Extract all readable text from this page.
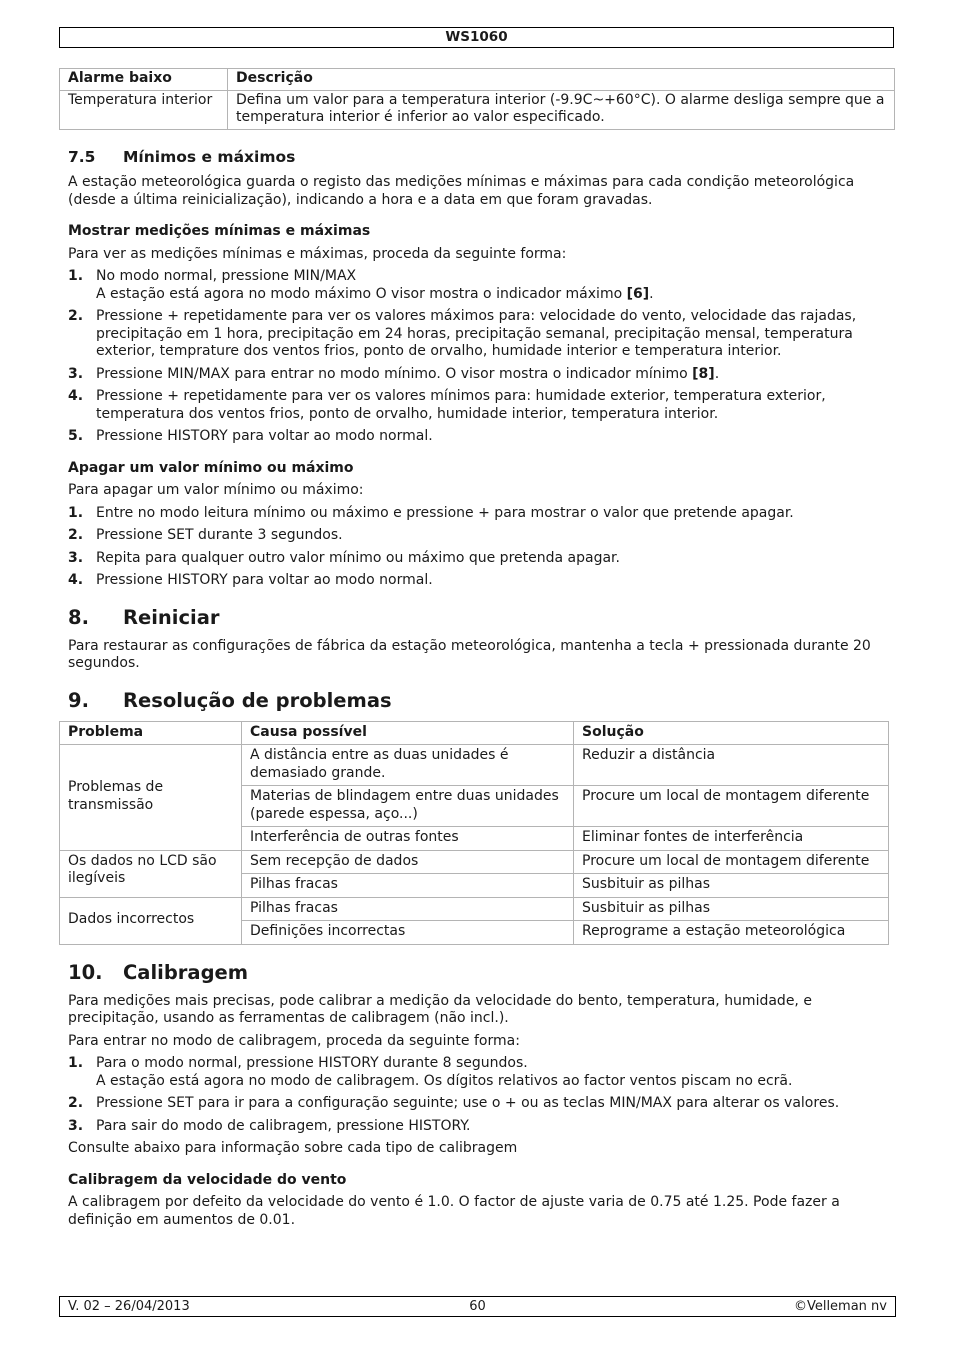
WS1060
Alarme baixo	Descrição
Temperatura interior	Defina um valor para a temperatura interior (-9.9C~+60°C). O alarme desliga sempre que a temperatura interior é inferior ao valor especificado.
7.5 Mínimos e máximos

A estação meteorológica guarda o registo das medições mínimas e máximas para cada condição meteorológica (desde a última reinicialização), indicando a hora e a data em que foram gravadas.

Mostrar medições mínimas e máximas

Para ver as medições mínimas e máximas, proceda da seguinte forma:

1. No modo normal, pressione MIN/MAX
A estação está agora no modo máximo O visor mostra o indicador máximo [6].
2. Pressione + repetidamente para ver os valores máximos para: velocidade do vento, velocidade das rajadas, precipitação em 1 hora, precipitação em 24 horas, precipitação semanal, precipitação mensal, temperatura exterior, temprature dos ventos frios, ponto de orvalho, humidade interior e temperatura interior.
3. Pressione MIN/MAX para entrar no modo mínimo. O visor mostra o indicador mínimo [8].
4. Pressione + repetidamente para ver os valores mínimos para: humidade exterior, temperatura exterior, temperatura dos ventos frios, ponto de orvalho, humidade interior, temperatura interior.
5. Pressione HISTORY para voltar ao modo normal.
Apagar um valor mínimo ou máximo

Para apagar um valor mínimo ou máximo:

1. Entre no modo leitura mínimo ou máximo e pressione + para mostrar o valor que pretende apagar.
2. Pressione SET durante 3 segundos.
3. Repita para qualquer outro valor mínimo ou máximo que pretenda apagar.
4. Pressione HISTORY para voltar ao modo normal.
8. Reiniciar

Para restaurar as configurações de fábrica da estação meteorológica, mantenha a tecla + pressionada durante 20 segundos.

9. Resolução de problemas
Problema	Causa possível	Solução
Problemas de transmissão	A distância entre as duas unidades é demasiado grande.	Reduzir a distância
	Materias de blindagem entre duas unidades (parede espessa, aço...)	Procure um local de montagem diferente
	Interferência de outras fontes	Eliminar fontes de interferência
Os dados no LCD são ilegíveis	Sem recepção de dados	Procure um local de montagem diferente
	Pilhas fracas	Susbituir as pilhas
Dados incorrectos	Pilhas fracas	Susbituir as pilhas
	Definições incorrectas	Reprograme a estação meteorológica
10. Calibragem

Para medições mais precisas, pode calibrar a medição da velocidade do bento, temperatura, humidade, e precipitação, usando as ferramentas de calibragem (não incl.).

Para entrar no modo de calibragem, proceda da seguinte forma:

1. Para o modo normal, pressione HISTORY durante 8 segundos.
A estação está agora no modo de calibragem. Os dígitos relativos ao factor ventos piscam no ecrã.
2. Pressione SET para ir para a configuração seguinte; use o + ou as teclas MIN/MAX para alterar os valores.
3. Para sair do modo de calibragem, pressione HISTORY.

Consulte abaixo para informação sobre cada tipo de calibragem

Calibragem da velocidade do vento

A calibragem por defeito da velocidade do vento é 1.0. O factor de ajuste varia de 0.75 até 1.25. Pode fazer a definição em aumentos de 0.01.

V. 02 – 26/04/2013	60	©Velleman nv
